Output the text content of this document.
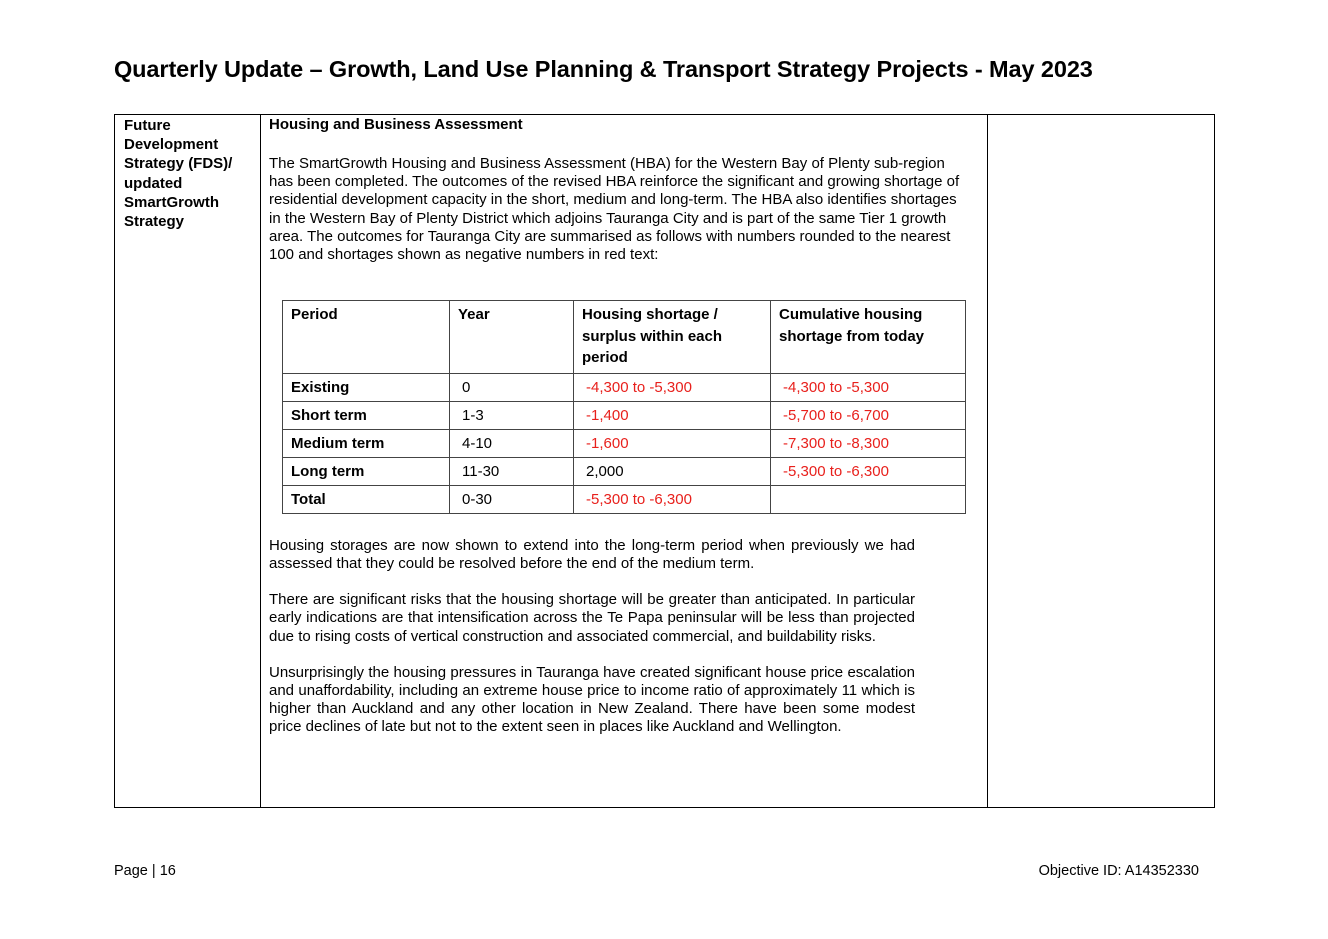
Quarterly Update – Growth, Land Use Planning & Transport Strategy Projects - May 2023
Future
Development
Strategy (FDS)/
updated
SmartGrowth
Strategy
Housing and Business Assessment

The SmartGrowth Housing and Business Assessment (HBA) for the Western Bay of Plenty sub-region has been completed. The outcomes of the revised HBA reinforce the significant and growing shortage of residential development capacity in the short, medium and long-term. The HBA also identifies shortages in the Western Bay of Plenty District which adjoins Tauranga City and is part of the same Tier 1 growth area. The outcomes for Tauranga City are summarised as follows with numbers rounded to the nearest 100 and shortages shown as negative numbers in red text:

Period	Year	Housing shortage / surplus within each period	Cumulative housing shortage from today
Existing	0	-4,300 to -5,300	-4,300 to -5,300
Short term	1-3	-1,400	-5,700 to -6,700
Medium term	4-10	-1,600	-7,300 to -8,300
Long term	11-30	2,000	-5,300 to -6,300
Total	0-30	-5,300 to -6,300	

Housing storages are now shown to extend into the long-term period when previously we had assessed that they could be resolved before the end of the medium term.

There are significant risks that the housing shortage will be greater than anticipated. In particular early indications are that intensification across the Te Papa peninsular will be less than projected due to rising costs of vertical construction and associated commercial, and buildability risks.

Unsurprisingly the housing pressures in Tauranga have created significant house price escalation and unaffordability, including an extreme house price to income ratio of approximately 11 which is higher than Auckland and any other location in New Zealand. There have been some modest price declines of late but not to the extent seen in places like Auckland and Wellington.

Page | 16	Objective ID: A14352330
